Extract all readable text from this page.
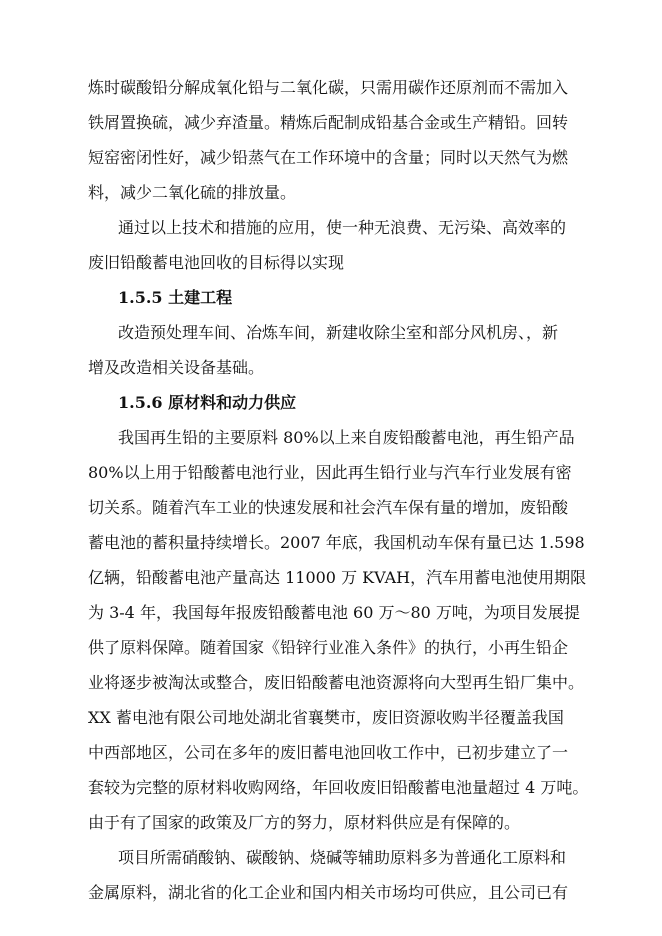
炼时碳酸铅分解成氧化铅与二氧化碳，只需用碳作还原剂而不需加入
铁屑置换硫，减少弃渣量。精炼后配制成铅基合金或生产精铅。回转
短窑密闭性好，减少铅蒸气在工作环境中的含量；同时以天然气为燃
料，减少二氧化硫的排放量。
通过以上技术和措施的应用，使一种无浪费、无污染、高效率的
废旧铅酸蓄电池回收的目标得以实现
1.5.5 土建工程
改造预处理车间、冶炼车间，新建收除尘室和部分风机房、，新
增及改造相关设备基础。
1.5.6 原材料和动力供应
我国再生铅的主要原料 80%以上来自废铅酸蓄电池，再生铅产品
80%以上用于铅酸蓄电池行业，因此再生铅行业与汽车行业发展有密
切关系。随着汽车工业的快速发展和社会汽车保有量的增加，废铅酸
蓄电池的蓄积量持续增长。2007 年底，我国机动车保有量已达 1.598
亿辆，铅酸蓄电池产量高达 11000 万 KVAH，汽车用蓄电池使用期限
为 3-4 年，我国每年报废铅酸蓄电池 60 万～80 万吨，为项目发展提
供了原料保障。随着国家《铅锌行业准入条件》的执行，小再生铅企
业将逐步被淘汰或整合，废旧铅酸蓄电池资源将向大型再生铅厂集中。
XX 蓄电池有限公司地处湖北省襄樊市，废旧资源收购半径覆盖我国
中西部地区，公司在多年的废旧蓄电池回收工作中，已初步建立了一
套较为完整的原材料收购网络，年回收废旧铅酸蓄电池量超过 4 万吨。
由于有了国家的政策及厂方的努力，原材料供应是有保障的。
项目所需硝酸钠、碳酸钠、烧碱等辅助原料多为普通化工原料和
金属原料，湖北省的化工企业和国内相关市场均可供应，且公司已有
